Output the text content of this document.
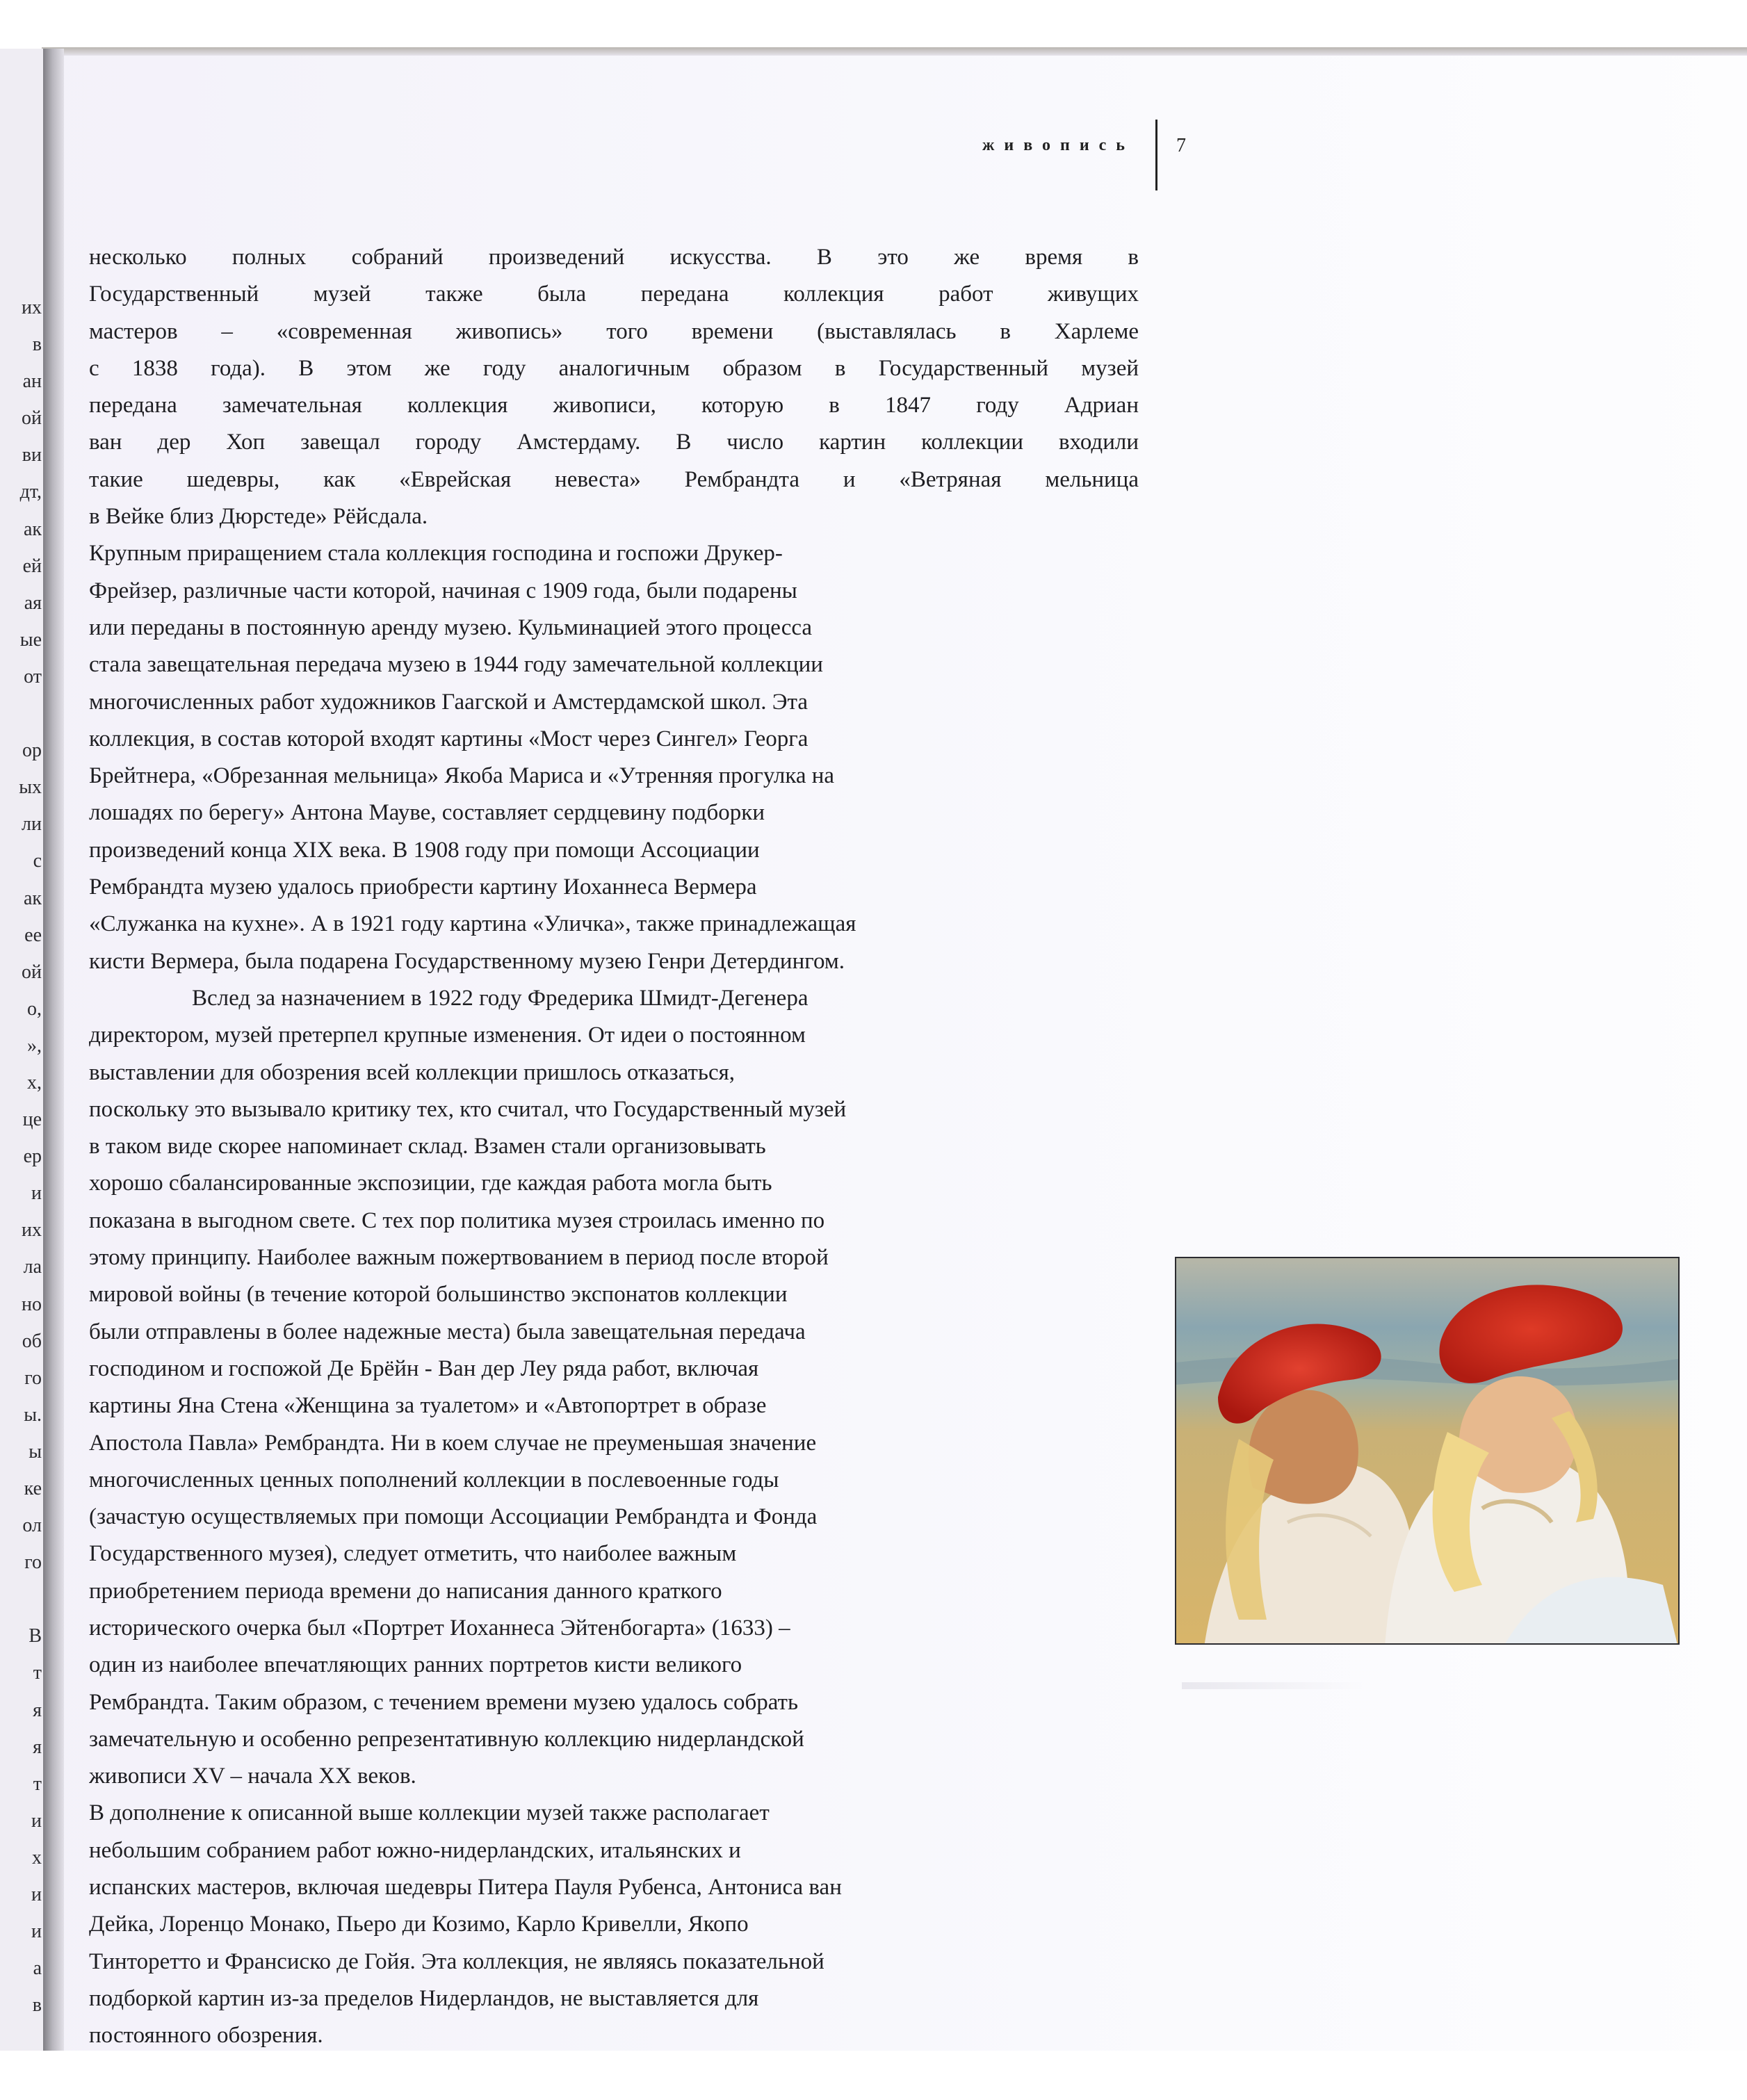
их
в
ан
ой
ви
дт,
ак
ей
ая
ые
от
ор
ых
ли
с
ак
ее
ой
о,
»,
х,
це
ер
и
их
ла
но
об
го
ы.
ы
ке
ол
го
В
т
я
я
т
и
х
и
и
а
в
живопись 7

несколько полных собраний произведений искусства. В это же время в

Государственный музей также была передана коллекция работ живущих

мастеров – «современная живопись» того времени (выставлялась в Харлеме

с 1838 года). В этом же году аналогичным образом в Государственный музей

передана замечательная коллекция живописи, которую в 1847 году Адриан

ван дер Хоп завещал городу Амстердаму. В число картин коллекции входили

такие шедевры, как «Еврейская невеста» Рембрандта и «Ветряная мельница

в Вейке близ Дюрстеде» Рёйсдала.

Крупным приращением стала коллекция господина и госпожи Друкер-

Фрейзер, различные части которой, начиная с 1909 года, были подарены

или переданы в постоянную аренду музею. Кульминацией этого процесса

стала завещательная передача музею в 1944 году замечательной коллекции

многочисленных работ художников Гаагской и Амстердамской школ. Эта

коллекция, в состав которой входят картины «Мост через Сингел» Георга

Брейтнера, «Обрезанная мельница» Якоба Мариса и «Утренняя прогулка на

лошадях по берегу» Антона Мауве, составляет сердцевину подборки

произведений конца XIX века. В 1908 году при помощи Ассоциации

Рембрандта музею удалось приобрести картину Иоханнеса Вермера

«Служанка на кухне». А в 1921 году картина «Уличка», также принадлежащая

кисти Вермера, была подарена Государственному музею Генри Детердингом.

Вслед за назначением в 1922 году Фредерика Шмидт-Дегенера

директором, музей претерпел крупные изменения. От идеи о постоянном

выставлении для обозрения всей коллекции пришлось отказаться,

поскольку это вызывало критику тех, кто считал, что Государственный музей

в таком виде скорее напоминает склад. Взамен стали организовывать

хорошо сбалансированные экспозиции, где каждая работа могла быть

показана в выгодном свете. С тех пор политика музея строилась именно по

этому принципу. Наиболее важным пожертвованием в период после второй

мировой войны (в течение которой большинство экспонатов коллекции

были отправлены в более надежные места) была завещательная передача

господином и госпожой Де Брёйн - Ван дер Леу ряда работ, включая

картины Яна Стена «Женщина за туалетом» и «Автопортрет в образе

Апостола Павла» Рембрандта. Ни в коем случае не преуменьшая значение

многочисленных ценных пополнений коллекции в послевоенные годы

(зачастую осуществляемых при помощи Ассоциации Рембрандта и Фонда

Государственного музея), следует отметить, что наиболее важным

приобретением периода времени до написания данного краткого

исторического очерка был «Портрет Иоханнеса Эйтенбогарта» (1633) –

один из наиболее впечатляющих ранних портретов кисти великого

Рембрандта. Таким образом, с течением времени музею удалось собрать

замечательную и особенно репрезентативную коллекцию нидерландской

живописи XV – начала XX веков.

В дополнение к описанной выше коллекции музей также располагает

небольшим собранием работ южно-нидерландских, итальянских и

испанских мастеров, включая шедевры Питера Пауля Рубенса, Антониса ван

Дейка, Лоренцо Монако, Пьеро ди Козимо, Карло Кривелли, Якопо

Тинторетто и Франсиско де Гойя. Эта коллекция, не являясь показательной

подборкой картин из-за пределов Нидерландов, не выставляется для

постоянного обозрения.
